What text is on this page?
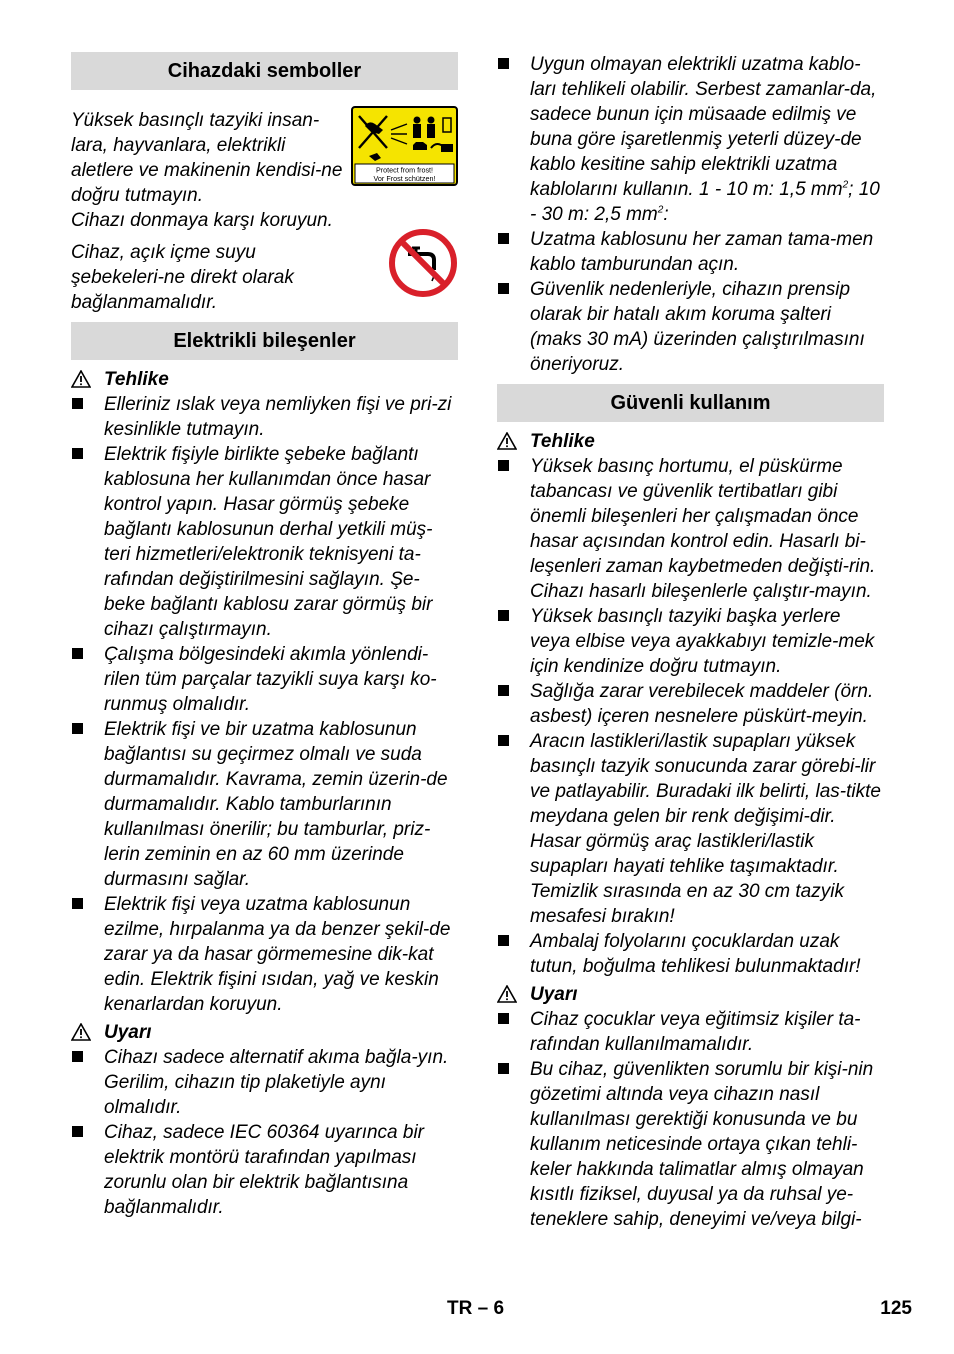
Cihazdaki semboller
Yüksek basınçlı tazyiki insan-lara, hayvanlara, elektrikli aletlere ve makinenin kendisi-ne doğru tutmayın.
Protect from frost!
Vor Frost schützen!
Cihazı donmaya karşı koruyun.
Cihaz, açık içme suyu şebekeleri-ne direkt olarak bağlanmamalıdır.
Elektrikli bileşenler
Tehlike
Elleriniz ıslak veya nemliyken fişi ve pri-zi kesinlikle tutmayın.
Elektrik fişiyle birlikte şebeke bağlantı kablosuna her kullanımdan önce hasar kontrol yapın. Hasar görmüş şebeke bağlantı kablosunun derhal yetkili müş-teri hizmetleri/elektronik teknisyeni ta-rafından değiştirilmesini sağlayın. Şe-beke bağlantı kablosu zarar görmüş bir cihazı çalıştırmayın.
Çalışma bölgesindeki akımla yönlendi-rilen tüm parçalar tazyikli suya karşı ko-runmuş olmalıdır.
Elektrik fişi ve bir uzatma kablosunun bağlantısı su geçirmez olmalı ve suda durmamalıdır. Kavrama, zemin üzerin-de durmamalıdır. Kablo tamburlarının kullanılması önerilir; bu tamburlar, priz-lerin zeminin en az 60 mm üzerinde durmasını sağlar.
Elektrik fişi veya uzatma kablosunun ezilme, hırpalanma ya da benzer şekil-de zarar ya da hasar görmemesine dik-kat edin. Elektrik fişini ısıdan, yağ ve keskin kenarlardan koruyun.
Uyarı
Cihazı sadece alternatif akıma bağla-yın. Gerilim, cihazın tip plaketiyle aynı olmalıdır.
Cihaz, sadece IEC 60364 uyarınca bir elektrik montörü tarafından yapılması zorunlu olan bir elektrik bağlantısına bağlanmalıdır.
Uygun olmayan elektrikli uzatma kablo-ları tehlikeli olabilir. Serbest zamanlar-da, sadece bunun için müsaade edilmiş ve buna göre işaretlenmiş yeterli düzey-de kablo kesitine sahip elektrikli uzatma kablolarını kullanın. 1 - 10 m: 1,5 $mm^2$; 10 - 30 m: 2,5 $mm^2$:
Uzatma kablosunu her zaman tama-men kablo tamburundan açın.
Güvenlik nedenleriyle, cihazın prensip olarak bir hatalı akım koruma şalteri (maks 30 mA) üzerinden çalıştırılmasını öneriyoruz.
Güvenli kullanım
Tehlike
Yüksek basınç hortumu, el püskürme tabancası ve güvenlik tertibatları gibi önemli bileşenleri her çalışmadan önce hasar açısından kontrol edin. Hasarlı bi-leşenleri zaman kaybetmeden değişti-rin. Cihazı hasarlı bileşenlerle çalıştır-mayın.
Yüksek basınçlı tazyiki başka yerlere veya elbise veya ayakkabıyı temizle-mek için kendinize doğru tutmayın.
Sağlığa zarar verebilecek maddeler (örn. asbest) içeren nesnelere püskürt-meyin.
Aracın lastikleri/lastik supapları yüksek basınçlı tazyik sonucunda zarar görebi-lir ve patlayabilir. Buradaki ilk belirti, las-tikte meydana gelen bir renk değişimi-dir. Hasar görmüş araç lastikleri/lastik supapları hayati tehlike taşımaktadır. Temizlik sırasında en az 30 cm tazyik mesafesi bırakın!
Ambalaj folyolarını çocuklardan uzak tutun, boğulma tehlikesi bulunmaktadır!
Uyarı
Cihaz çocuklar veya eğitimsiz kişiler ta-rafından kullanılmamalıdır.
Bu cihaz, güvenlikten sorumlu bir kişi-nin gözetimi altında veya cihazın nasıl kullanılması gerektiği konusunda ve bu kullanım neticesinde ortaya çıkan tehli-keler hakkında talimatlar almış olmayan kısıtlı fiziksel, duyusal ya da ruhsal ye-teneklere sahip, deneyimi ve/veya bilgi-
TR – 6	125
